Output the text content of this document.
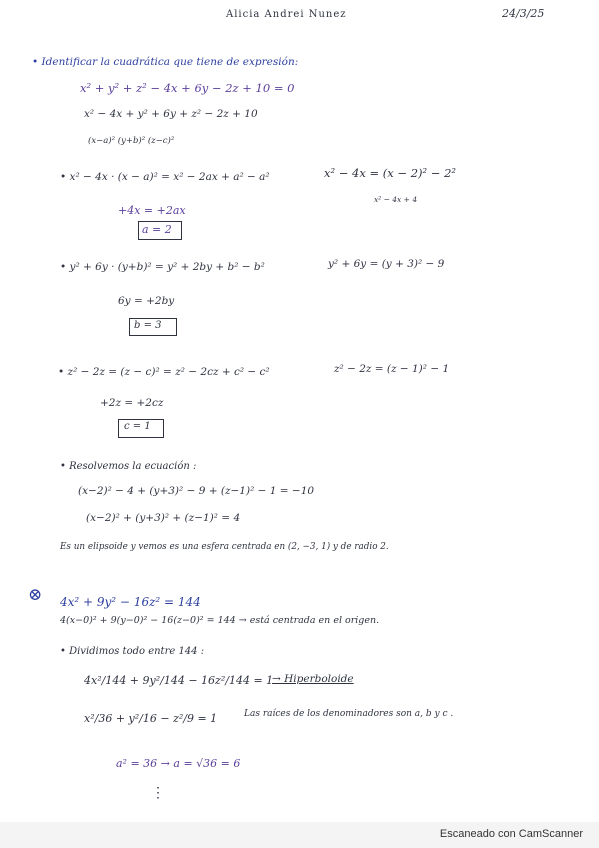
Alicia Andrei Nunez	24/3/25
• Identificar la cuadrática que tiene de expresión:
x² + y² + z² − 4x + 6y − 2z + 10 = 0
x² − 4x + y² + 6y + z² − 2z + 10
(x−a)² (y+b)² (z−c)²
• x² − 4x · (x − a)² = x² − 2ax + a² − a²	x² − 4x = (x − 2)² − 2²
x² − 4x + 4
+4x = +2ax
a = 2
• y² + 6y · (y+b)² = y² + 2by + b² − b²	y² + 6y = (y + 3)² − 9
6y = +2by
b = 3
• z² − 2z = (z − c)² = z² − 2cz + c² − c²	z² − 2z = (z − 1)² − 1
+2z = +2cz
c = 1
• Resolvemos la ecuación :
(x−2)² − 4 + (y+3)² − 9 + (z−1)² − 1 = −10
(x−2)² + (y+3)² + (z−1)² = 4
Es un elipsoide y vemos es una esfera centrada en (2, −3, 1) y de radio 2.
⊗ 4x² + 9y² − 16z² = 144
4(x−0)² + 9(y−0)² − 16(z−0)² = 144 → está centrada en el origen.
• Dividimos todo entre 144 :
4x²/144 + 9y²/144 − 16z²/144 = 1
→ Hiperboloide
x²/36 + y²/16 − z²/9 = 1	Las raíces de los denominadores son a, b y c .
a² = 36 → a = √36 = 6
⋮
Escaneado con CamScanner
